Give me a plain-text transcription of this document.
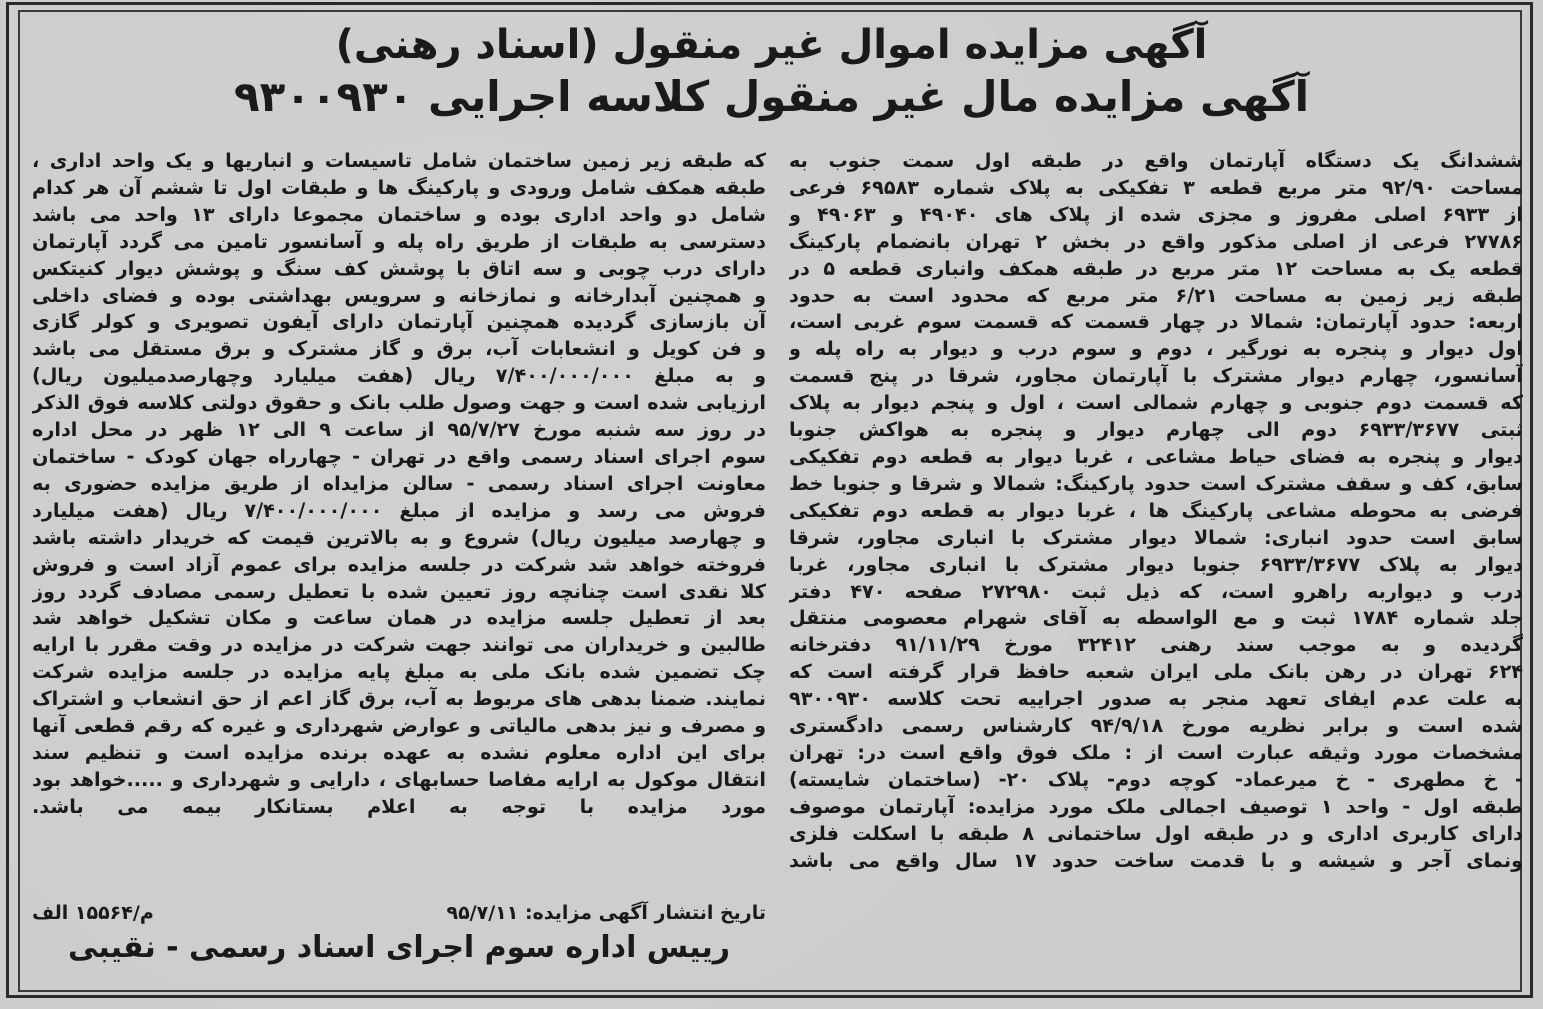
آگهی مزایده اموال غیر منقول (اسناد رهنی)
آگهی مزایده مال غیر منقول کلاسه اجرایی ۹۳۰۰۹۳۰
ششدانگ یک دستگاه آپارتمان واقع در طبقه اول سمت جنوب به
مساحت ۹۲/۹۰ متر مربع قطعه ۳ تفکیکی به پلاک شماره ۶۹۵۸۳ فرعی
از ۶۹۳۳ اصلی مفروز و مجزی شده از پلاک های ۴۹۰۴۰ و ۴۹۰۶۳ و
۲۷۷۸۶ فرعی از اصلی مذکور واقع در بخش ۲ تهران بانضمام پارکینگ
قطعه یک به مساحت ۱۲ متر مربع در طبقه همکف وانباری قطعه ۵ در
طبقه زیر زمین به مساحت ۶/۲۱ متر مربع که محدود است به حدود
اربعه: حدود آپارتمان: شمالا در چهار قسمت که قسمت سوم غربی است،
اول دیوار و پنجره به نورگیر ، دوم و سوم درب و دیوار به راه پله و
آسانسور، چهارم دیوار مشترک با آپارتمان مجاور، شرقا در پنج قسمت
که قسمت دوم جنوبی و چهارم شمالی است ، اول و پنجم دیوار به پلاک
ثبتی ۶۹۳۳/۳۶۷۷ دوم الی چهارم دیوار و پنجره به هواکش جنوبا
دیوار و پنجره به فضای حیاط مشاعی ، غربا دیوار به قطعه دوم تفکیکی
سابق، کف و سقف مشترک است حدود پارکینگ: شمالا و شرقا و جنوبا خط
فرضی به محوطه مشاعی پارکینگ ها ، غربا دیوار به قطعه دوم تفکیکی
سابق است حدود انباری: شمالا دیوار مشترک با انباری مجاور، شرقا
دیوار به پلاک ۶۹۳۳/۳۶۷۷ جنوبا دیوار مشترک با انباری مجاور، غربا
درب و دیواربه راهرو است، که ذیل ثبت ۲۷۲۹۸۰ صفحه ۴۷۰ دفتر
جلد شماره ۱۷۸۴ ثبت و مع الواسطه به آقای شهرام معصومی منتقل
گردیده و به موجب سند رهنی ۳۲۴۱۲ مورخ ۹۱/۱۱/۲۹ دفترخانه
۶۲۴ تهران در رهن بانک ملی ایران شعبه حافظ قرار گرفته است که
به علت عدم ایفای تعهد منجر به صدور اجراییه تحت کلاسه ۹۳۰۰۹۳۰
شده است و برابر نظریه مورخ ۹۴/۹/۱۸ کارشناس رسمی دادگستری
مشخصات مورد وثیقه عبارت است از : ملک فوق واقع است در: تهران
- خ مطهری - خ میرعماد- کوچه دوم- پلاک ۲۰- (ساختمان شایسته)
طبقه اول - واحد ۱ توصیف اجمالی ملک مورد مزایده: آپارتمان موصوف
دارای کاربری اداری و در طبقه اول ساختمانی ۸ طبقه با اسکلت فلزی
ونمای آجر و شیشه و با قدمت ساخت حدود ۱۷ سال واقع می باشد
که طبقه زیر زمین ساختمان شامل تاسیسات و انباریها و یک واحد اداری ،
طبقه همکف شامل ورودی و پارکینگ ها و طبقات اول تا ششم آن هر کدام
شامل دو واحد اداری بوده و ساختمان مجموعا دارای ۱۳ واحد می باشد
دسترسی به طبقات از طریق راه پله و آسانسور تامین می گردد آپارتمان
دارای درب چوبی و سه اتاق با پوشش کف سنگ و پوشش دیوار کنیتکس
و همچنین آبدارخانه و نمازخانه و سرویس بهداشتی بوده و فضای داخلی
آن بازسازی گردیده همچنین آپارتمان دارای آیفون تصویری و کولر گازی
و فن کویل و انشعابات آب، برق و گاز مشترک و برق مستقل می باشد
و به مبلغ ۷/۴۰۰/۰۰۰/۰۰۰ ریال (هفت میلیارد وچهارصدمیلیون ریال)
ارزیابی شده است و جهت وصول طلب بانک و حقوق دولتی کلاسه فوق الذکر
در روز سه شنبه مورخ ۹۵/۷/۲۷ از ساعت ۹ الی ۱۲ ظهر در محل اداره
سوم اجرای اسناد رسمی واقع در تهران - چهارراه جهان کودک - ساختمان
معاونت اجرای اسناد رسمی - سالن مزایداه از طریق مزایده حضوری به
فروش می رسد و مزایده از مبلغ ۷/۴۰۰/۰۰۰/۰۰۰ ریال (هفت میلیارد
و چهارصد میلیون ریال) شروع و به بالاترین قیمت که خریدار داشته باشد
فروخته خواهد شد شرکت در جلسه مزایده برای عموم آزاد است و فروش
کلا نقدی است چنانچه روز تعیین شده با تعطیل رسمی مصادف گردد روز
بعد از تعطیل جلسه مزایده در همان ساعت و مکان تشکیل خواهد شد
طالبین و خریداران می توانند جهت شرکت در مزایده در وقت مقرر با ارایه
چک تضمین شده بانک ملی به مبلغ پایه مزایده در جلسه مزایده شرکت
نمایند. ضمنا بدهی های مربوط به آب، برق گاز اعم از حق انشعاب و اشتراک
و مصرف و نیز بدهی مالیاتی و عوارض شهرداری و غیره که رقم قطعی آنها
برای این اداره معلوم نشده به عهده برنده مزایده است و تنظیم سند
انتقال موکول به ارایه مفاصا حسابهای ، دارایی و شهرداری و .....خواهد بود
مورد مزایده با توجه به اعلام بستانکار بیمه می باشد.
تاریخ انتشار آگهی مزایده: ۹۵/۷/۱۱
م/۱۵۵۶۴ الف
رییس اداره سوم اجرای اسناد رسمی - نقیبی
